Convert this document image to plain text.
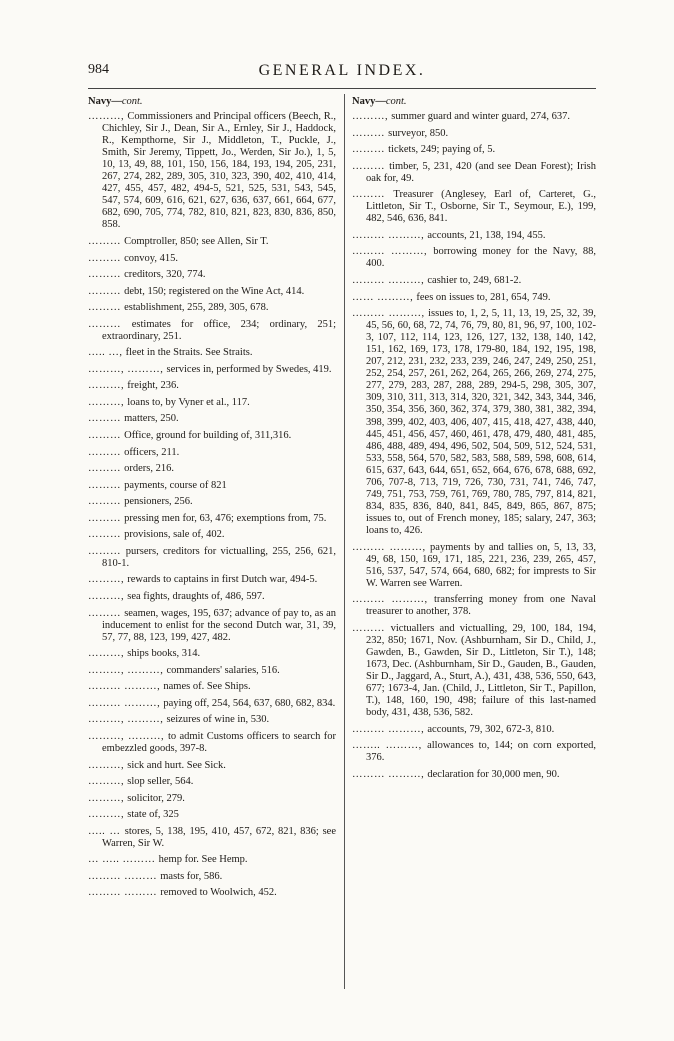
984	GENERAL INDEX.
Navy—cont.
………, Commissioners and Principal officers (Beech, R., Chichley, Sir J., Dean, Sir A., Ernley, Sir J., Haddock, R., Kempthorne, Sir J., Middleton, T., Puckle, J., Smith, Sir Jeremy, Tippett, Jo., Werden, Sir Jo.), 1, 5, 10, 13, 49, 88, 101, 150, 156, 184, 193, 194, 205, 231, 267, 274, 282, 289, 305, 310, 323, 390, 402, 410, 414, 427, 455, 457, 482, 494-5, 521, 525, 531, 543, 545, 547, 574, 609, 616, 621, 627, 636, 637, 661, 664, 677, 682, 690, 705, 774, 782, 810, 821, 823, 830, 836, 850, 858.
……… Comptroller, 850; see Allen, Sir T.
……… convoy, 415.
……… creditors, 320, 774.
……… debt, 150; registered on the Wine Act, 414.
……… establishment, 255, 289, 305, 678.
……… estimates for office, 234; ordinary, 251; extraordinary, 251.
….. …, fleet in the Straits. See Straits.
………, ………, services in, performed by Swedes, 419.
………, freight, 236.
………, loans to, by Vyner et al., 117.
……… matters, 250.
……… Office, ground for building of, 311,316.
……… officers, 211.
……… orders, 216.
……… payments, course of 821
……… pensioners, 256.
……… pressing men for, 63, 476; exemptions from, 75.
……… provisions, sale of, 402.
……… pursers, creditors for victualling, 255, 256, 621, 810-1.
………, rewards to captains in first Dutch war, 494-5.
………, sea fights, draughts of, 486, 597.
……… seamen, wages, 195, 637; advance of pay to, as an inducement to enlist for the second Dutch war, 31, 39, 57, 77, 88, 123, 199, 427, 482.
………, ships books, 314.
………, ………, commanders' salaries, 516.
……… ………, names of. See Ships.
……… ………, paying off, 254, 564, 637, 680, 682, 834.
………, ………, seizures of wine in, 530.
………, ………, to admit Customs officers to search for embezzled goods, 397-8.
………, sick and hurt. See Sick.
………, slop seller, 564.
………, solicitor, 279.
………, state of, 325
….. … stores, 5, 138, 195, 410, 457, 672, 821, 836; see Warren, Sir W.
… ….. ……… hemp for. See Hemp.
……… ……… masts for, 586.
……… ……… removed to Woolwich, 452.
Navy—cont.
………, summer guard and winter guard, 274, 637.
……… surveyor, 850.
……… tickets, 249; paying of, 5.
……… timber, 5, 231, 420 (and see Dean Forest); Irish oak for, 49.
……… Treasurer (Anglesey, Earl of, Carteret, G., Littleton, Sir T., Osborne, Sir T., Seymour, E.), 199, 482, 546, 636, 841.
……… ………, accounts, 21, 138, 194, 455.
……… ………, borrowing money for the Navy, 88, 400.
……… ………, cashier to, 249, 681-2.
…… ………, fees on issues to, 281, 654, 749.
……… ………, issues to, 1, 2, 5, 11, 13, 19, 25, 32, 39, 45, 56, 60, 68, 72, 74, 76, 79, 80, 81, 96, 97, 100, 102-3, 107, 112, 114, 123, 126, 127, 132, 138, 140, 142, 151, 162, 169, 173, 178, 179-80, 184, 192, 195, 198, 207, 212, 231, 232, 233, 239, 246, 247, 249, 250, 251, 252, 254, 257, 261, 262, 264, 265, 266, 269, 274, 275, 277, 279, 283, 287, 288, 289, 294-5, 298, 305, 307, 309, 310, 311, 313, 314, 320, 321, 342, 343, 344, 346, 350, 354, 356, 360, 362, 374, 379, 380, 381, 382, 394, 398, 399, 402, 403, 406, 407, 415, 418, 427, 438, 440, 445, 451, 456, 457, 460, 461, 478, 479, 480, 481, 485, 486, 488, 489, 494, 496, 502, 504, 509, 512, 524, 531, 533, 558, 564, 570, 582, 583, 588, 589, 598, 608, 614, 615, 637, 643, 644, 651, 652, 664, 676, 678, 688, 692, 706, 707-8, 713, 719, 726, 730, 731, 741, 746, 747, 749, 751, 753, 759, 761, 769, 780, 785, 797, 814, 821, 834, 835, 836, 840, 841, 845, 849, 865, 867, 875; issues to, out of French money, 185; salary, 247, 363; loans to, 426.
……… ………, payments by and tallies on, 5, 13, 33, 49, 68, 150, 169, 171, 185, 221, 236, 239, 265, 457, 516, 537, 547, 574, 664, 680, 682; for imprests to Sir W. Warren see Warren.
……… ………, transferring money from one Naval treasurer to another, 378.
……… victuallers and victualling, 29, 100, 184, 194, 232, 850; 1671, Nov. (Ashburnham, Sir D., Child, J., Gawden, B., Gawden, Sir D., Littleton, Sir T.), 148; 1673, Dec. (Ashburnham, Sir D., Gauden, B., Gauden, Sir D., Jaggard, A., Sturt, A.), 431, 438, 536, 550, 643, 677; 1673-4, Jan. (Child, J., Littleton, Sir T., Papillon, T.), 148, 160, 190, 498; failure of this last-named body, 431, 438, 536, 582.
……… ………, accounts, 79, 302, 672-3, 810.
…….. ………, allowances to, 144; on corn exported, 376.
……… ………, declaration for 30,000 men, 90.
